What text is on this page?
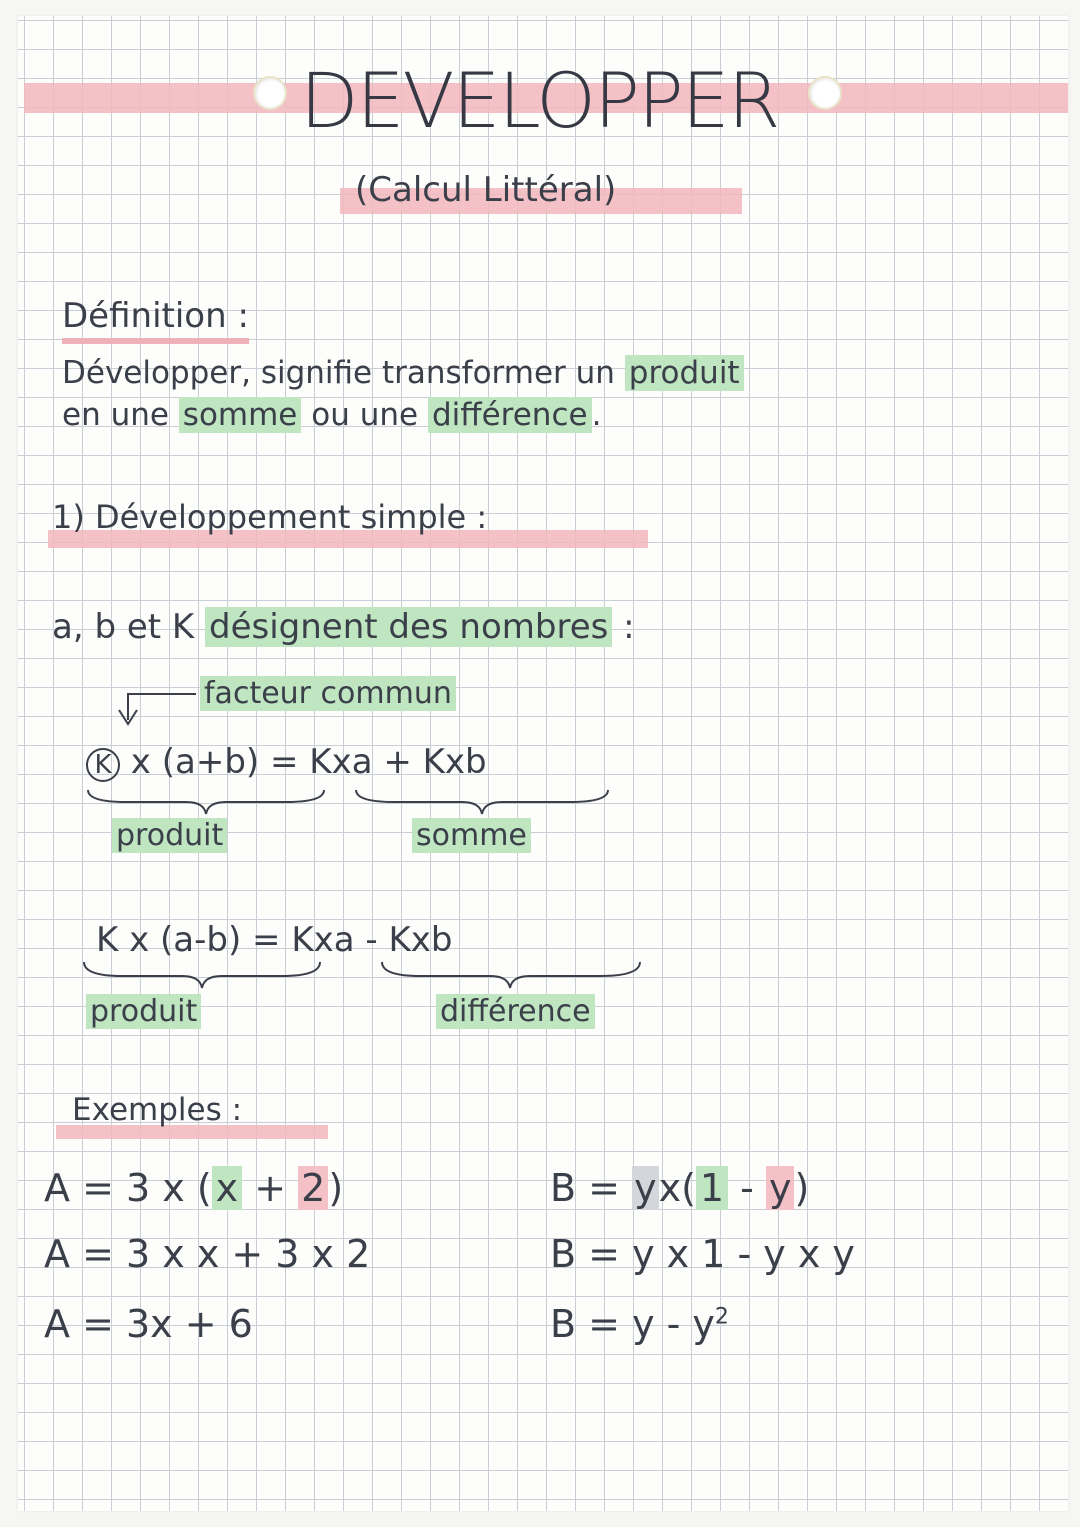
DEVELOPPER
(Calcul Littéral)
Définition :
Développer, signifie transformer un produit
en une somme ou une différence .
1) Développement simple :
a, b et K désignent des nombres :
facteur commun
K x (a+b) = Kxa + Kxb
produit	somme
K x (a-b) = Kxa - Kxb
produit	différence
Exemples :
A = 3 x ( x + 2)
A = 3 x x + 3 x 2
A = 3x + 6
B = yx( 1 - y)
B = y x 1 - y x y
$B = y - y^2$
